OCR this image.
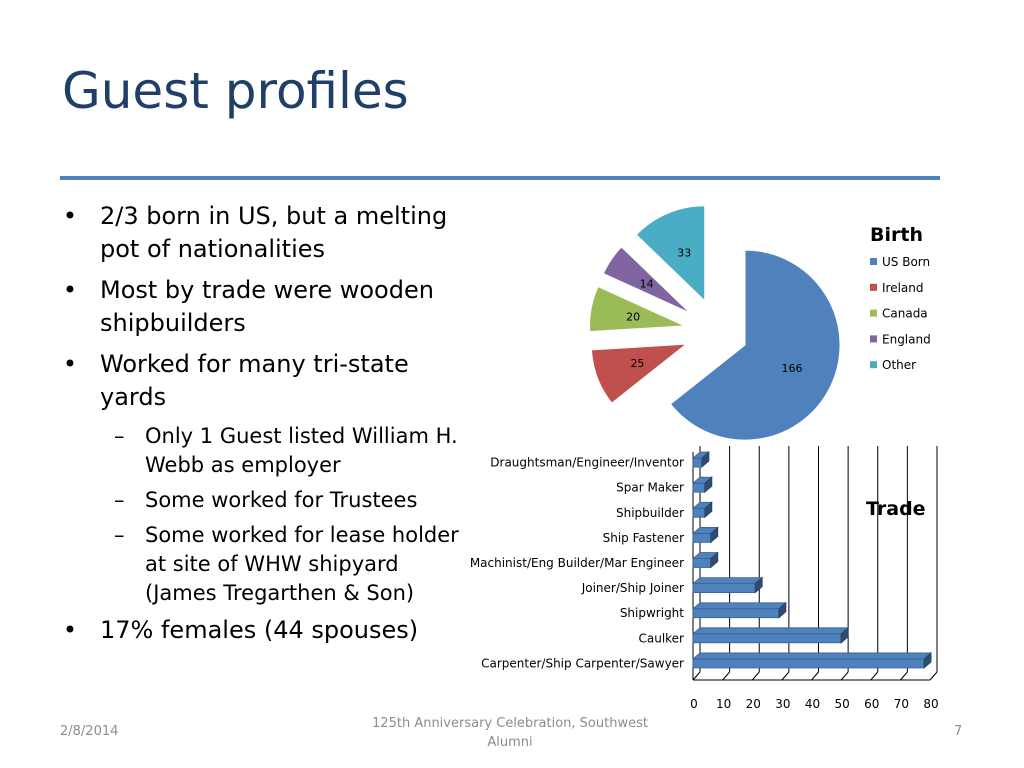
Guest profiles
• 2/3 born in US, but a melting pot of nationalities
• Most by trade were wooden shipbuilders
• Worked for many tri-state yards
– Only 1 Guest listed William H. Webb as employer
– Some worked for Trustees
– Some worked for lease holder at site of WHW shipyard (James Tregarthen & Son)
• 17% females (44 spouses)
166
25
20
14
33
Birth
US Born
Ireland
Canada
England
Other
0 10 20 30 40 50 60 70 80
Carpenter/Ship Carpenter/Sawyer
Caulker
Shipwright
Joiner/Ship Joiner
Machinist/Eng Builder/Mar Engineer
Ship Fastener
Shipbuilder
Spar Maker
Draughtsman/Engineer/Inventor
Trade
2/8/2014
125th Anniversary Celebration, Southwest
Alumni
7
